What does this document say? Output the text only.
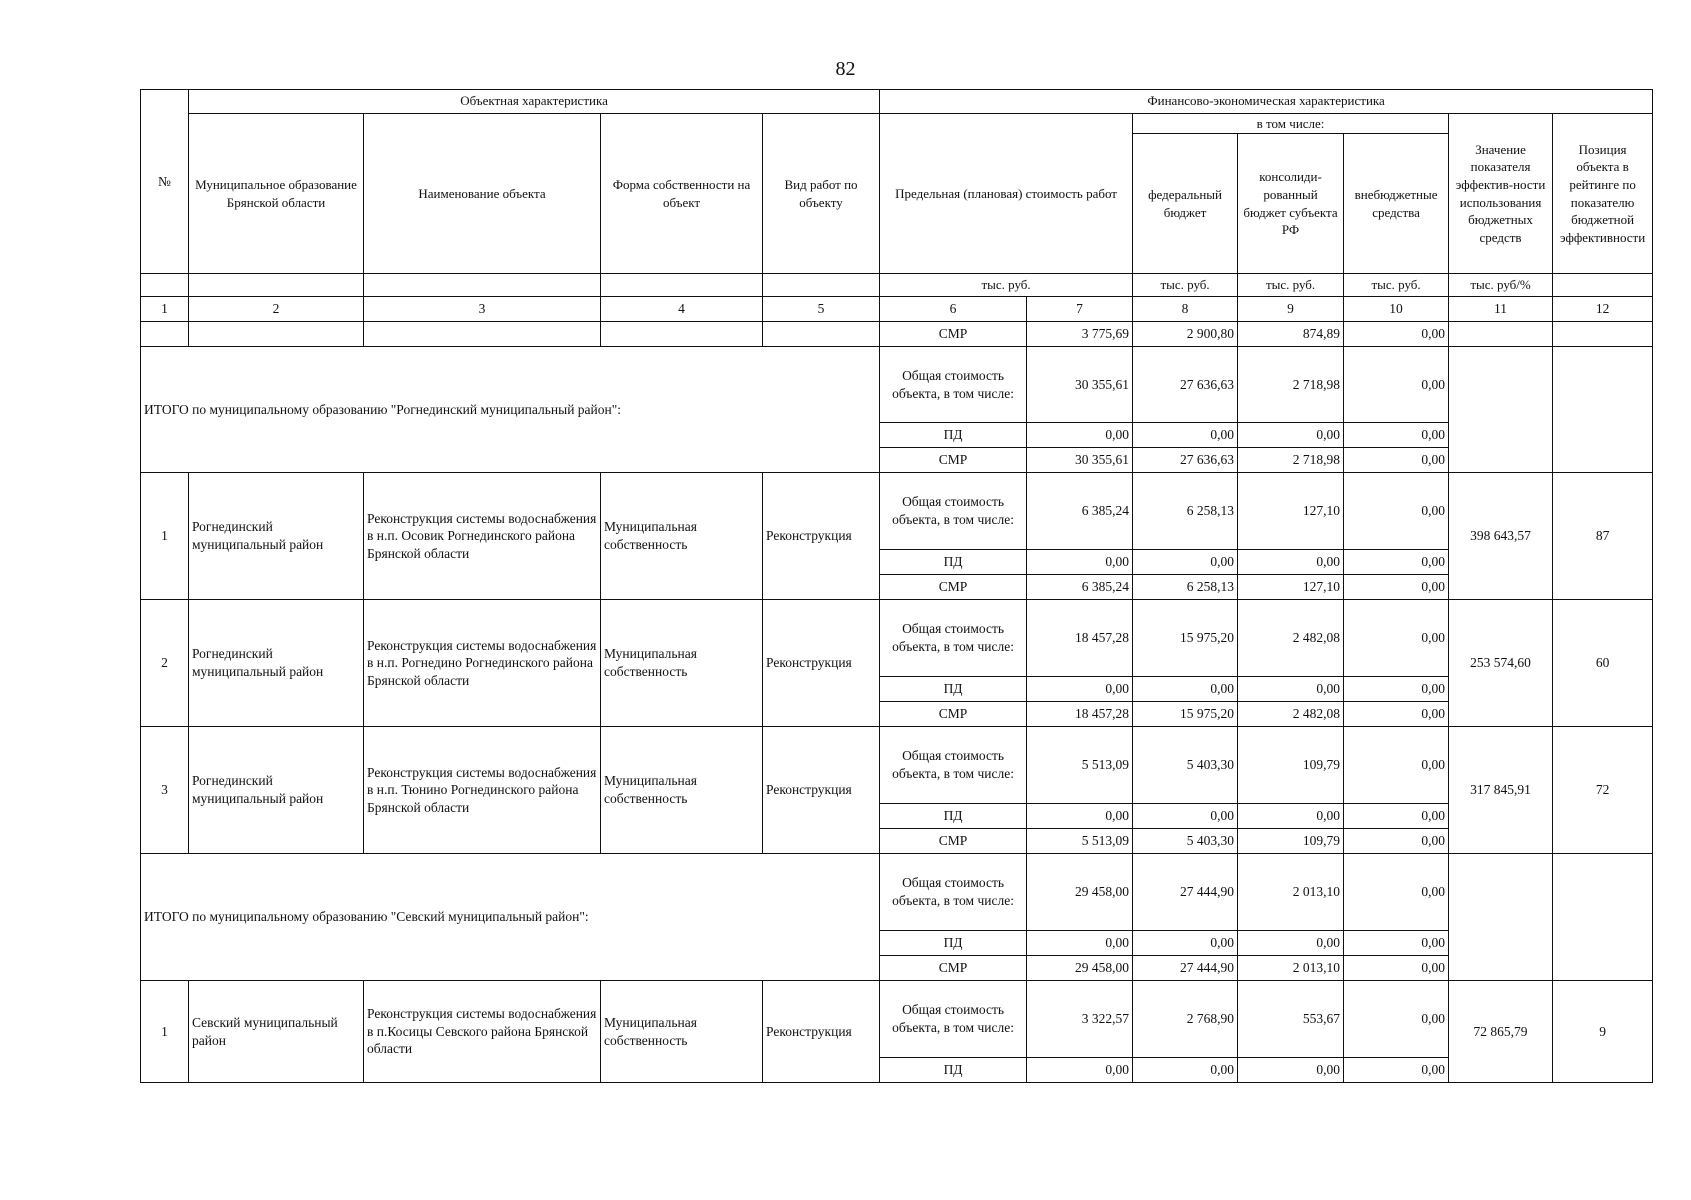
82
№	Объектная характеристика				Финансово-экономическая характеристика						
	Муниципальное образование Брянской области	Наименование объекта	Форма собственности на объект	Вид работ по объекту	Предельная (плановая) стоимость работ		в том числе:			Значение показателя эффектив-ности использования бюджетных средств	Позиция объекта в рейтинге по показателю бюджетной эффективности
							федеральный бюджет	консолиди-рованный бюджет субъекта РФ	внебюджетные средства		
					тыс. руб.		тыс. руб.	тыс. руб.	тыс. руб.	тыс. руб/%	
1	2	3	4	5	6	7	8	9	10	11	12
					СМР	3 775,69	2 900,80	874,89	0,00		
ИТОГО по муниципальному образованию "Рогнединский муниципальный район":					Общая стоимость объекта, в том числе:	30 355,61	27 636,63	2 718,98	0,00		
					ПД	0,00	0,00	0,00	0,00		
					СМР	30 355,61	27 636,63	2 718,98	0,00		
1	Рогнединский муниципальный район	Реконструкция системы водоснабжения в н.п. Осовик Рогнединского района Брянской области	Муниципальная собственность	Реконструкция	Общая стоимость объекта, в том числе:	6 385,24	6 258,13	127,10	0,00	398 643,57	87
					ПД	0,00	0,00	0,00	0,00		
					СМР	6 385,24	6 258,13	127,10	0,00		
2	Рогнединский муниципальный район	Реконструкция системы водоснабжения в н.п. Рогнедино Рогнединского района Брянской области	Муниципальная собственность	Реконструкция	Общая стоимость объекта, в том числе:	18 457,28	15 975,20	2 482,08	0,00	253 574,60	60
					ПД	0,00	0,00	0,00	0,00		
					СМР	18 457,28	15 975,20	2 482,08	0,00		
3	Рогнединский муниципальный район	Реконструкция системы водоснабжения в н.п. Тюнино Рогнединского района Брянской области	Муниципальная собственность	Реконструкция	Общая стоимость объекта, в том числе:	5 513,09	5 403,30	109,79	0,00	317 845,91	72
					ПД	0,00	0,00	0,00	0,00		
					СМР	5 513,09	5 403,30	109,79	0,00		
ИТОГО по муниципальному образованию "Севский муниципальный район":					Общая стоимость объекта, в том числе:	29 458,00	27 444,90	2 013,10	0,00		
					ПД	0,00	0,00	0,00	0,00		
					СМР	29 458,00	27 444,90	2 013,10	0,00		
1	Севский муниципальный район	Реконструкция системы водоснабжения в п.Косицы Севского района Брянской области	Муниципальная собственность	Реконструкция	Общая стоимость объекта, в том числе:	3 322,57	2 768,90	553,67	0,00	72 865,79	9
					ПД	0,00	0,00	0,00	0,00		
